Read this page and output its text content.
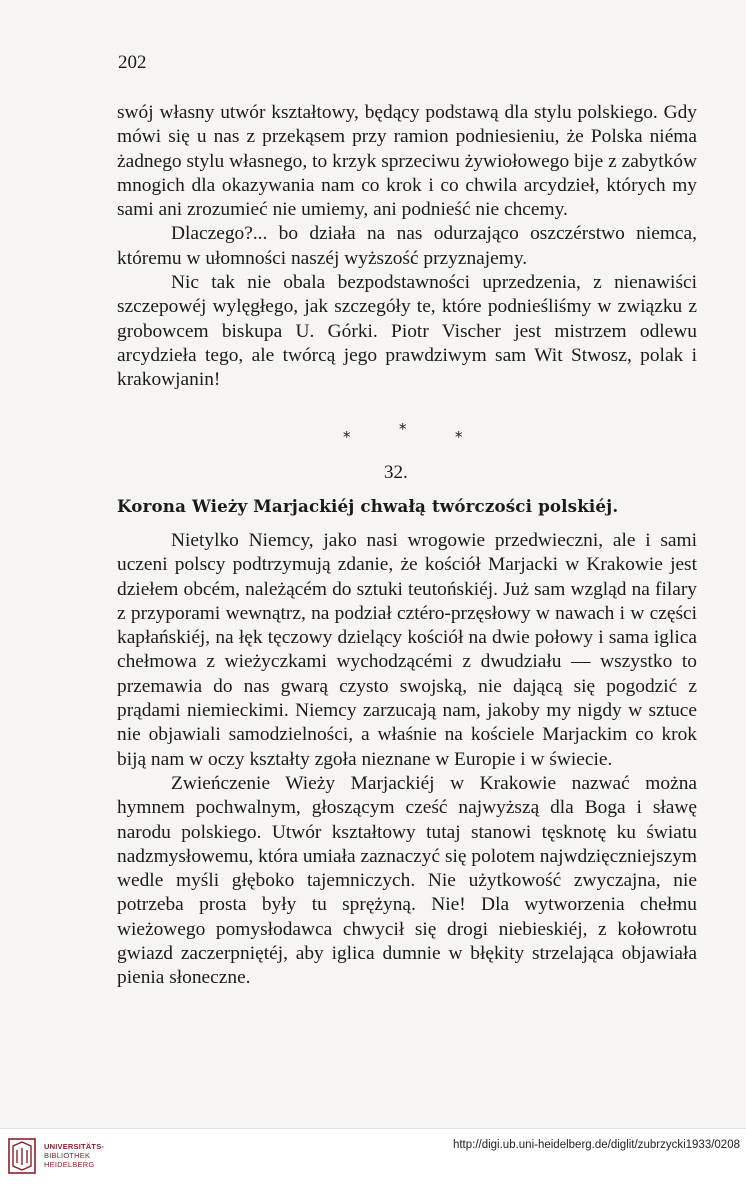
202

swój własny utwór kształtowy, będący podstawą dla stylu polskiego. Gdy mówi się u nas z przekąsem przy ramion podniesieniu, że Polska niéma żadnego stylu własnego, to krzyk sprzeciwu żywiołowego bije z zabytków mnogich dla okazywania nam co krok i co chwila arcydzieł, których my sami ani zrozumieć nie umiemy, ani podnieść nie chcemy.

Dlaczego?... bo działa na nas odurzająco oszczérstwo niemca, któremu w ułomności naszéj wyższość przyznajemy.

Nic tak nie obala bezpodstawności uprzedzenia, z nienawiści szczepowéj wylęgłego, jak szczegóły te, które podnieśliśmy w związku z grobowcem biskupa U. Górki. Piotr Vischer jest mistrzem odlewu arcydzieła tego, ale twórcą jego prawdziwym sam Wit Stwosz, polak i krakowjanin!

*	*	*
32.
Korona Wieży Marjackiéj chwałą twórczości polskiéj.

Nietylko Niemcy, jako nasi wrogowie przedwieczni, ale i sami uczeni polscy podtrzymują zdanie, że kościół Marjacki w Krakowie jest dziełem obcém, należącém do sztuki teutońskiéj. Już sam wzgląd na filary z przyporami wewnątrz, na podział cztéro-przęsłowy w nawach i w części kapłańskiéj, na łęk tęczowy dzielący kościół na dwie połowy i sama iglica chełmowa z wieżyczkami wychodzącémi z dwudziału — wszystko to przemawia do nas gwarą czysto swojską, nie dającą się pogodzić z prądami niemieckimi. Niemcy zarzucają nam, jakoby my nigdy w sztuce nie objawiali samodzielności, a właśnie na kościele Marjackim co krok biją nam w oczy kształty zgoła nieznane w Europie i w świecie.

Zwieńczenie Wieży Marjackiéj w Krakowie nazwać można hymnem pochwalnym, głoszącym cześć najwyższą dla Boga i sławę narodu polskiego. Utwór kształtowy tutaj stanowi tęsknotę ku światu nadzmysłowemu, która umiała zaznaczyć się polotem najwdzięczniejszym wedle myśli głęboko tajemniczych. Nie użytkowość zwyczajna, nie potrzeba prosta były tu sprężyną. Nie! Dla wytworzenia chełmu wieżowego pomysłodawca chwycił się drogi niebieskiéj, z kołowrotu gwiazd zaczerpniętéj, aby iglica dumnie w błękity strzelająca objawiała pienia słoneczne.

UNIVERSITÄTS-
BIBLIOTHEK
HEIDELBERG
http://digi.ub.uni-heidelberg.de/diglit/zubrzycki1933/0208
